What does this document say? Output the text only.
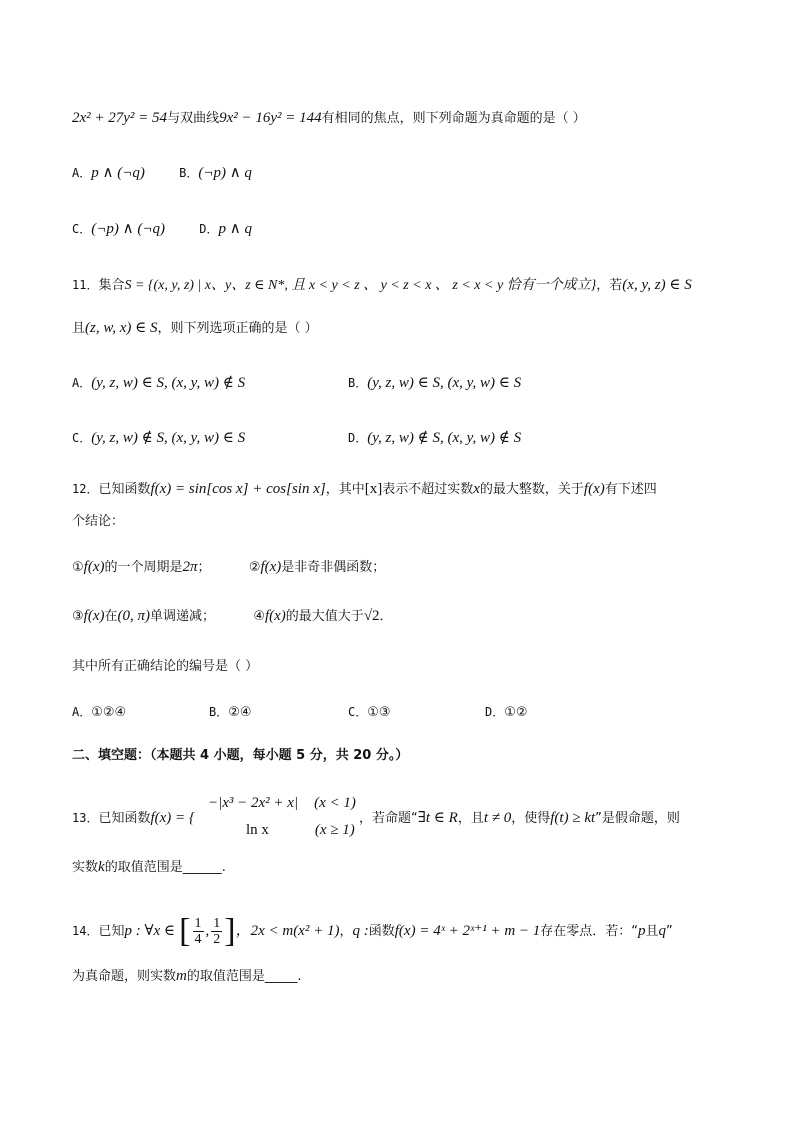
2x² + 27y² = 54与双曲线9x² − 16y² = 144有相同的焦点，则下列命题为真命题的是（ ）
A．p ∧ (¬q)	B．(¬p) ∧ q
C．(¬p) ∧ (¬q)	D．p ∧ q
11．集合S = {(x, y, z) | x、y、z ∈ N*, 且 x < y < z 、 y < z < x 、 z < x < y 恰有一个成立}，若(x, y, z) ∈ S
且(z, w, x) ∈ S，则下列选项正确的是（ ）
A．(y, z, w) ∈ S, (x, y, w) ∉ S	B．(y, z, w) ∈ S, (x, y, w) ∈ S
C．(y, z, w) ∉ S, (x, y, w) ∈ S	D．(y, z, w) ∉ S, (x, y, w) ∉ S
12．已知函数f(x) = sin[cos x] + cos[sin x]，其中[x]表示不超过实数x的最大整数，关于f(x)有下述四
个结论：
①f(x)的一个周期是2π；	②f(x)是非奇非偶函数；
③f(x)在(0, π)单调递减；	④f(x)的最大值大于√2．
其中所有正确结论的编号是（ ）
A．①②④	B．②④	C．①③	D．①②
二、填空题：（本题共 4 小题，每小题 5 分，共 20 分。）
13．已知函数f(x) = {
−|x³ − 2x² + x| (x < 1)
ln x	(x ≥ 1)
，若命题“∃t ∈ R，且t ≠ 0，使得f(t) ≥ kt”是假命题，则
实数k的取值范围是______.
14．已知p : ∀x ∈ [ $\frac{1}{4}$ , $\frac{1}{2}$ ]，2x < m(x² + 1)，q :函数f(x) = 4ˣ + 2ˣ⁺¹ + m − 1存在零点．若：“p且q”
为真命题，则实数m的取值范围是_____.
